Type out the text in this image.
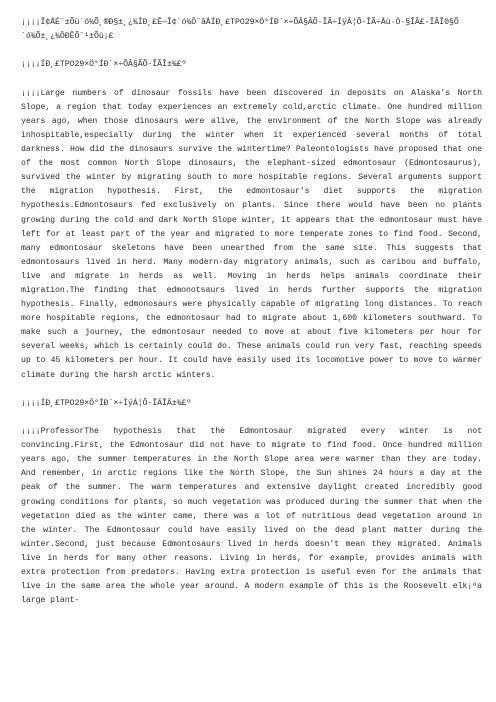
¡¡¡¡Î¢ÅÉ¨±Õù´ó¾Õ¸®Ð§±¸¿¾ÍÐ¸£Ê—Î¢´ó¾Ô¨âÅÍÐ¸£TPO29×Ö°ÍÐ´×÷ÕÂ§ÂÕ-ÎÃ÷ÍÿÂ¦Õ-ÎÃ÷Åù·Ö·§ÎÂ£-ÎÃÎ0§Õ´ó¾Õ±¸¿¾ÔÐÊÕ¨¹±Õù¡£

¡¡¡¡ÍÐ¸£TPO29×Ö°ÍÐ´×÷ÕÂ§ÂÕ-ÎÃÎ±¾£º

¡¡¡¡Large numbers of dinosaur fossils have been discovered in deposits on Alaska's North Slope, a region that today experiences an extremely cold,arctic climate. One hundred million years ago, when those dinosaurs were alive, the environment of the North Slope was already inhospitable,especially during the winter when it experienced several months of total darkness. How did the dinosaurs survive the wintertime? Paleontologists have proposed that one of the most common North Slope dinosaurs, the elephant-sized edmontosaur (Edmontosaurus), survived the winter by migrating south to more hospitable regions. Several arguments support the migration hypothesis. First, the edmontosaur's diet supports the migration hypothesis.Edmontosaurs fed exclusively on plants. Since there would have been no plants growing during the cold and dark North Slope winter, it appears that the edmontosaur must have left for at least part of the year and migrated to more temperate zones to find food. Second, many edmontosaur skeletons have been unearthed from the same site. This suggests that edmontosaurs lived in herd. Many modern-day migratory animals, such as caribou and buffalo, live and migrate in herds as well. Moving in herds helps animals coordinate their migration.The finding that edmonotsaurs lived in herds further supports the migration hypothesis. Finally, edmonosaurs were physically capable of migrating long distances. To reach more hospitable regions, the edmontosaur had to migrate about 1,600 kilometers southward. To make such a journey, the edmontosaur needed to move at about five kilometers per hour for several weeks, which is certainly could do. These animals could run very fast, reaching speeds up to 45 kilometers per hour. It could have easily used its locomotive power to move to warmer climate during the harsh arctic winters.

¡¡¡¡ÍÐ¸£TPO29×Ö°ÍÐ´×÷ÌýÁ¦Ô-ÎÄÎÄ±¾£º

¡¡¡¡ProfessorThe hypothesis that the Edmontosaur migrated every winter is not convincing.First, the Edmontosaur did not have to migrate to find food. Once hundred million years ago, the summer temperatures in the North Slope area were warmer than they are today. And remember, in arctic regions like the North Slope, the Sun shines 24 hours a day at the peak of the summer. The warm temperatures and extensive daylight created incredibly good growing conditions for plants, so much vegetation was produced during the summer that when the vegetation died as the winter came, there was a lot of nutritious dead vegetation around in the winter. The Edmontosaur could have easily lived on the dead plant matter during the winter.Second, just because Edmontosaurs lived in herds doesn't mean they migrated. Animals live in herds for many other reasons. Living in herds, for example, provides animals with extra protection from predators. Having extra protection is useful even for the animals that live in the same area the whole year around. A modern example of this is the Roosevelt elk¡ªa large plant-
